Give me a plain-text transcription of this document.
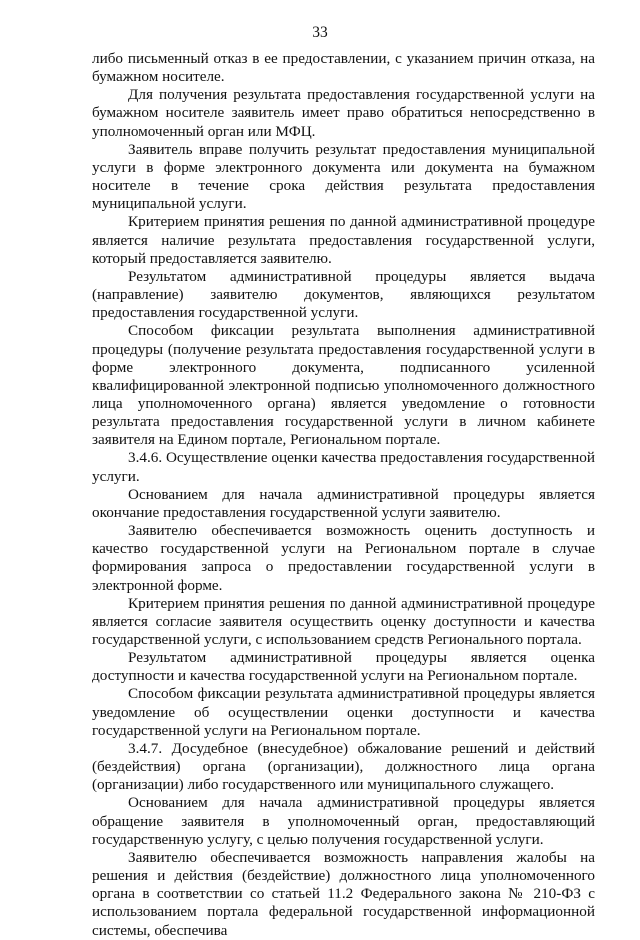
33

либо письменный отказ в ее предоставлении, с указанием причин отказа, на бумажном носителе.

Для получения результата предоставления государственной услуги на бумажном носителе заявитель имеет право обратиться непосредственно в уполномоченный орган или МФЦ.

Заявитель вправе получить результат предоставления муниципальной услуги в форме электронного документа или документа на бумажном носителе в течение срока действия результата предоставления муниципальной услуги.

Критерием принятия решения по данной административной процедуре является наличие результата предоставления государственной услуги, который предоставляется заявителю.

Результатом административной процедуры является выдача (направление) заявителю документов, являющихся результатом предоставления государственной услуги.

Способом фиксации результата выполнения административной процедуры (получение результата предоставления государственной услуги в форме электронного документа, подписанного усиленной квалифицированной электронной подписью уполномоченного должностного лица уполномоченного органа) является уведомление о готовности результата предоставления государственной услуги в личном кабинете заявителя на Едином портале, Региональном портале.

3.4.6. Осуществление оценки качества предоставления государственной услуги.

Основанием для начала административной процедуры является окончание предоставления государственной услуги заявителю.

Заявителю обеспечивается возможность оценить доступность и качество государственной услуги на Региональном портале в случае формирования запроса о предоставлении государственной услуги в электронной форме.

Критерием принятия решения по данной административной процедуре является согласие заявителя осуществить оценку доступности и качества государственной услуги, с использованием средств Регионального портала.

Результатом административной процедуры является оценка доступности и качества государственной услуги на Региональном портале.

Способом фиксации результата административной процедуры является уведомление об осуществлении оценки доступности и качества государственной услуги на Региональном портале.

3.4.7. Досудебное (внесудебное) обжалование решений и действий (бездействия) органа (организации), должностного лица органа (организации) либо государственного или муниципального служащего.

Основанием для начала административной процедуры является обращение заявителя в уполномоченный орган, предоставляющий государственную услугу, с целью получения государственной услуги.

Заявителю обеспечивается возможность направления жалобы на решения и действия (бездействие) должностного лица уполномоченного органа в соответствии со статьей 11.2 Федерального закона № 210-ФЗ с использованием портала федеральной государственной информационной системы, обеспечива
